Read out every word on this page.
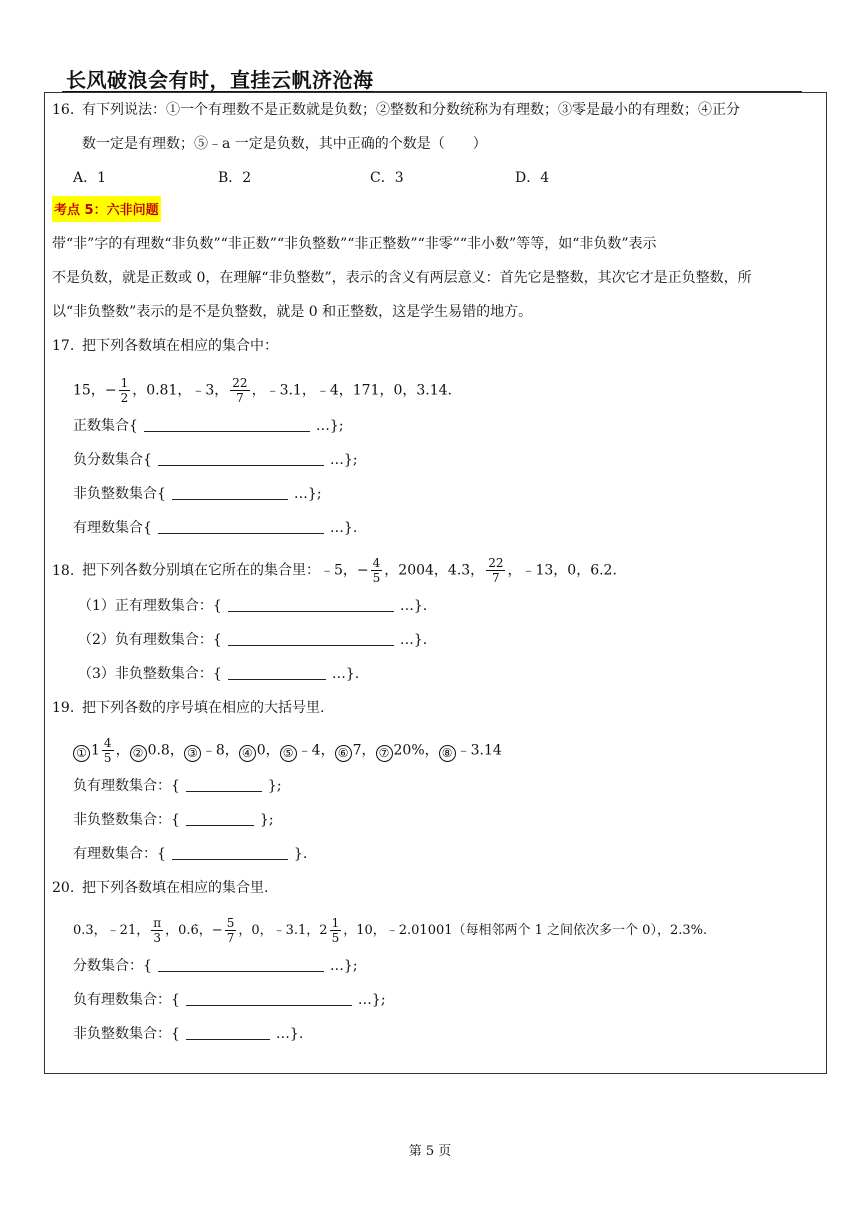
长风破浪会有时，直挂云帆济沧海
16. 有下列说法：①一个有理数不是正数就是负数；②整数和分数统称为有理数；③零是最小的有理数；④正分
数一定是有理数；⑤﹣a 一定是负数，其中正确的个数是（　　）
A．1	B．2	C．3	D．4
考点 5：六非问题
带“非”字的有理数“非负数”“非正数”“非负整数”“非正整数”“非零”“非小数”等等，如“非负数”表示
不是负数，就是正数或 0，在理解“非负整数”，表示的含义有两层意义：首先它是整数，其次它才是正负整数，所
以“非负整数”表示的是不是负整数，就是 0 和正整数，这是学生易错的地方。
17. 把下列各数填在相应的集合中：
15，− $\frac{1}{2}$ ，0.81，﹣3， $\frac{22}{7}$ ，﹣3.1，﹣4，171，0，3.14.
正数集合{	…};
负分数集合{	…};
非负整数集合{	…};
有理数集合{	…}.
18. 把下列各数分别填在它所在的集合里：﹣5，− $\frac{4}{5}$ ，2004，4.3̇， $\frac{22}{7}$ ，﹣13，0，6.2.
（1）正有理数集合：{	…}.
（2）负有理数集合：{	…}.
（3）非负整数集合：{	…}.
19. 把下列各数的序号填在相应的大括号里.
① $1 \frac{4}{5}$ ， ② 0.8， ③ ﹣8， ④ 0， ⑤ ﹣4， ⑥ 7， ⑦ 20%， ⑧ ﹣3.14
负有理数集合：{	};
非负整数集合：{	};
有理数集合：{	}.
20. 把下列各数填在相应的集合里.
0.3，﹣21， $\frac{\pi}{3}$ ，0.6̇，− $\frac{5}{7}$ ，0，﹣3.1，$2 \frac{1}{5}$ ，10，﹣2.01001（每相邻两个 1 之间依次多一个 0），2.3%.
分数集合：{	…};
负有理数集合：{	…};
非负整数集合：{	…}.
第 5 页
